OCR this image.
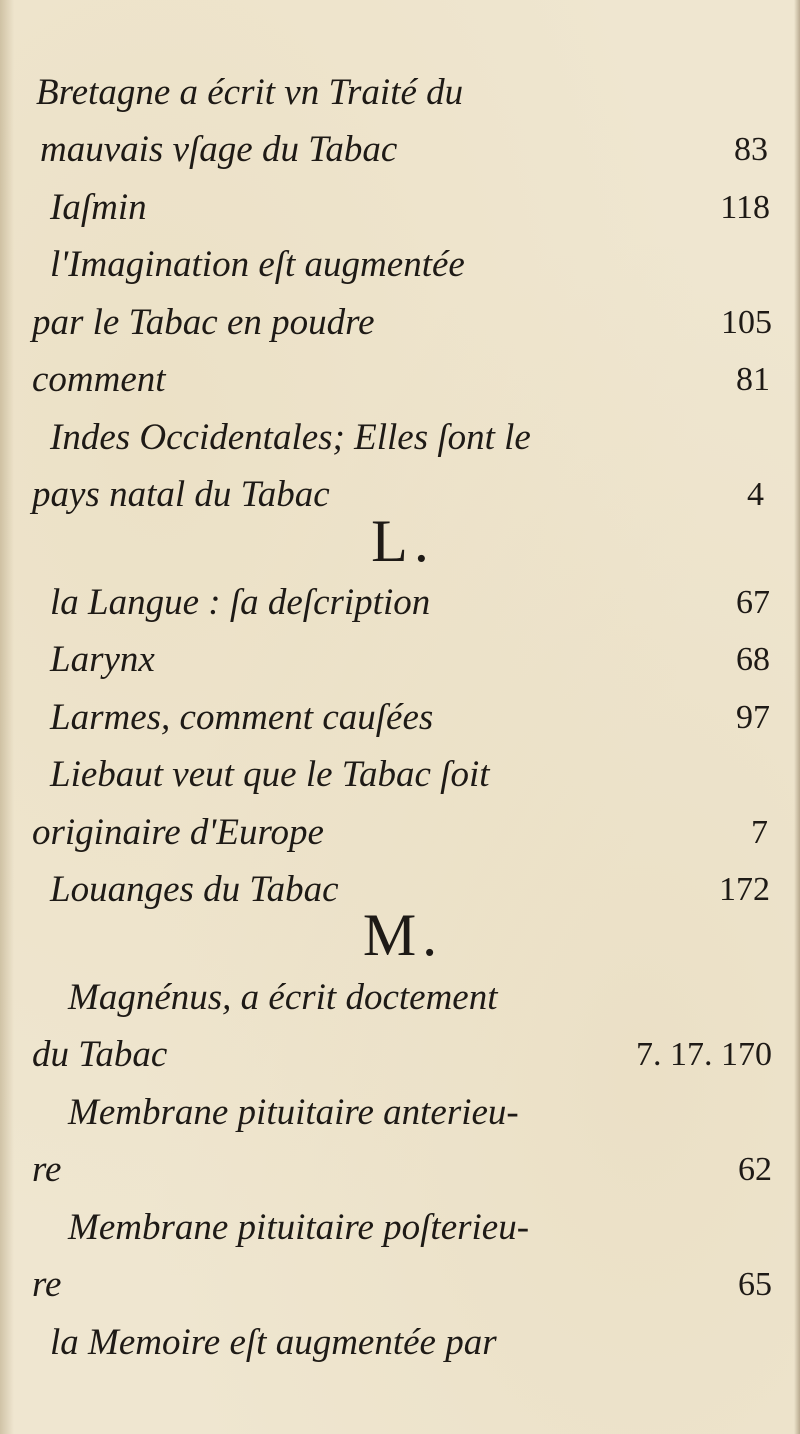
Bretagne a écrit vn Traité du
mauvais vſage du Tabac	83
Iaſmin	118
l'Imagination eſt augmentée
par le Tabac en poudre	105
comment	81
Indes Occidentales; Elles ſont le
pays natal du Tabac	4
L .
la Langue : ſa deſcription	67
Larynx	68
Larmes, comment cauſées	97
Liebaut veut que le Tabac ſoit
originaire d'Europe	7
Louanges du Tabac	172
M .
Magnénus, a écrit doctement
du Tabac	7. 17. 170
Membrane pituitaire anterieu-
re	62
Membrane pituitaire poſterieu-
re	65
la Memoire eſt augmentée par
